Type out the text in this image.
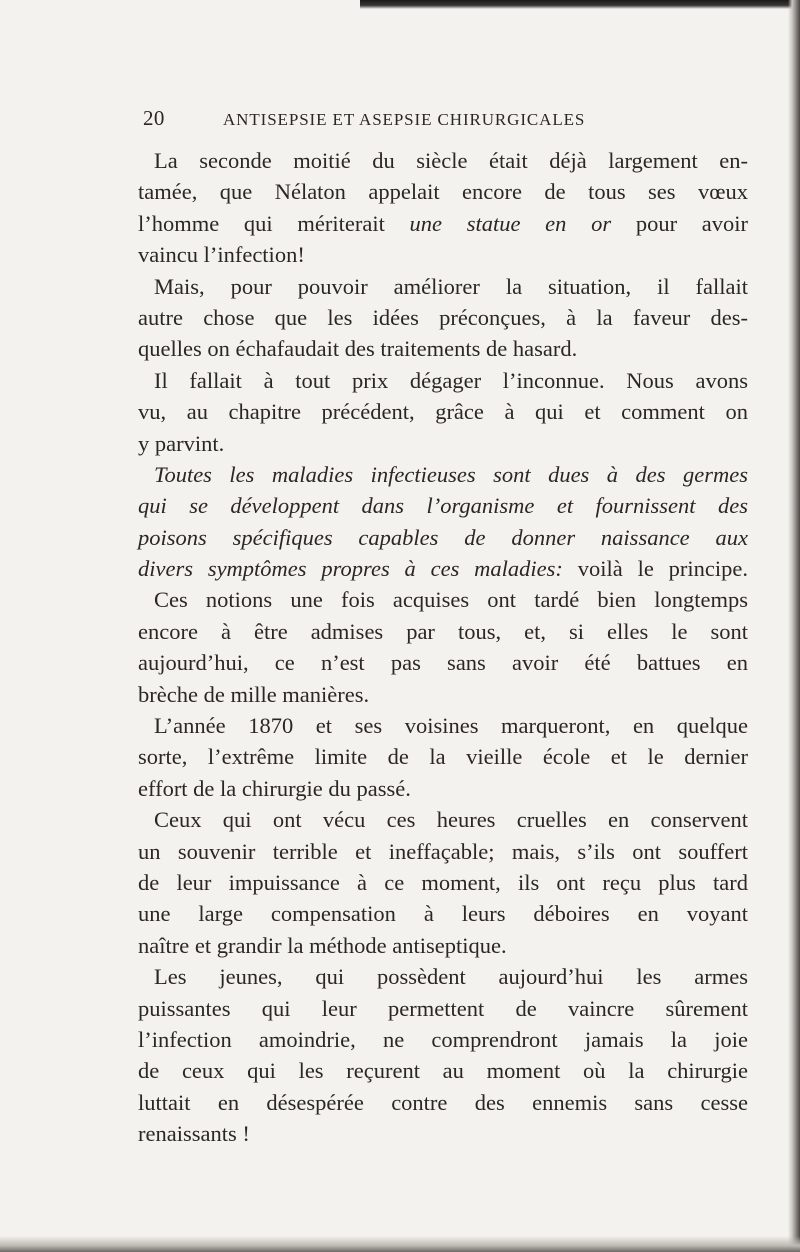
20	ANTISEPSIE ET ASEPSIE CHIRURGICALES
La seconde moitié du siècle était déjà largement en-
tamée, que Nélaton appelait encore de tous ses vœux
l’homme qui mériterait une statue en or pour avoir
vaincu l’infection!
Mais, pour pouvoir améliorer la situation, il fallait
autre chose que les idées préconçues, à la faveur des-
quelles on échafaudait des traitements de hasard.
Il fallait à tout prix dégager l’inconnue. Nous avons
vu, au chapitre précédent, grâce à qui et comment on
y parvint.
Toutes les maladies infectieuses sont dues à des germes
qui se développent dans l’organisme et fournissent des
poisons spécifiques capables de donner naissance aux
divers symptômes propres à ces maladies: voilà le principe.
Ces notions une fois acquises ont tardé bien longtemps
encore à être admises par tous, et, si elles le sont
aujourd’hui, ce n’est pas sans avoir été battues en
brèche de mille manières.
L’année 1870 et ses voisines marqueront, en quelque
sorte, l’extrême limite de la vieille école et le dernier
effort de la chirurgie du passé.
Ceux qui ont vécu ces heures cruelles en conservent
un souvenir terrible et ineffaçable; mais, s’ils ont souffert
de leur impuissance à ce moment, ils ont reçu plus tard
une large compensation à leurs déboires en voyant
naître et grandir la méthode antiseptique.
Les jeunes, qui possèdent aujourd’hui les armes
puissantes qui leur permettent de vaincre sûrement
l’infection amoindrie, ne comprendront jamais la joie
de ceux qui les reçurent au moment où la chirurgie
luttait en désespérée contre des ennemis sans cesse
renaissants !
